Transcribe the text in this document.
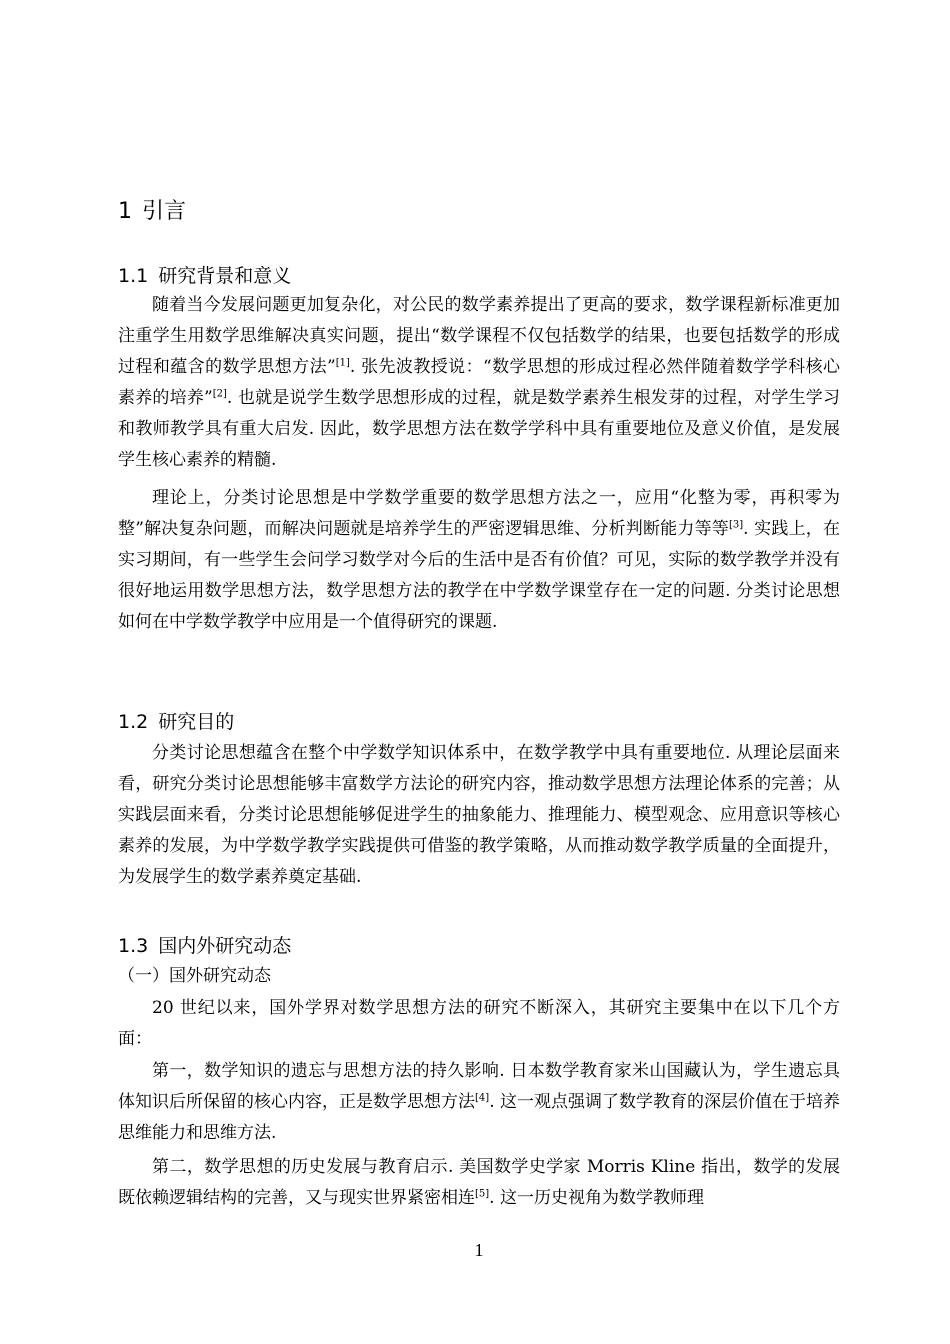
1 引言
1.1 研究背景和意义
随着当今发展问题更加复杂化，对公民的数学素养提出了更高的要求，数学课程新标准更加注重学生用数学思维解决真实问题，提出“数学课程不仅包括数学的结果，也要包括数学的形成过程和蕴含的数学思想方法”[1]. 张先波教授说：“数学思想的形成过程必然伴随着数学学科核心素养的培养”[2]. 也就是说学生数学思想形成的过程，就是数学素养生根发芽的过程，对学生学习和教师教学具有重大启发. 因此，数学思想方法在数学学科中具有重要地位及意义价值，是发展学生核心素养的精髓.
理论上，分类讨论思想是中学数学重要的数学思想方法之一，应用“化整为零，再积零为整”解决复杂问题，而解决问题就是培养学生的严密逻辑思维、分析判断能力等等[3]. 实践上，在实习期间，有一些学生会问学习数学对今后的生活中是否有价值？可见，实际的数学教学并没有很好地运用数学思想方法，数学思想方法的教学在中学数学课堂存在一定的问题. 分类讨论思想如何在中学数学教学中应用是一个值得研究的课题.
1.2 研究目的
分类讨论思想蕴含在整个中学数学知识体系中，在数学教学中具有重要地位. 从理论层面来看，研究分类讨论思想能够丰富数学方法论的研究内容，推动数学思想方法理论体系的完善；从实践层面来看，分类讨论思想能够促进学生的抽象能力、推理能力、模型观念、应用意识等核心素养的发展，为中学数学教学实践提供可借鉴的教学策略，从而推动数学教学质量的全面提升，为发展学生的数学素养奠定基础.
1.3 国内外研究动态
（一）国外研究动态
20 世纪以来，国外学界对数学思想方法的研究不断深入，其研究主要集中在以下几个方面：
第一，数学知识的遗忘与思想方法的持久影响. 日本数学教育家米山国藏认为，学生遗忘具体知识后所保留的核心内容，正是数学思想方法[4]. 这一观点强调了数学教育的深层价值在于培养思维能力和思维方法.
第二，数学思想的历史发展与教育启示. 美国数学史学家 Morris Kline 指出，数学的发展既依赖逻辑结构的完善，又与现实世界紧密相连[5]. 这一历史视角为数学教师理
1
